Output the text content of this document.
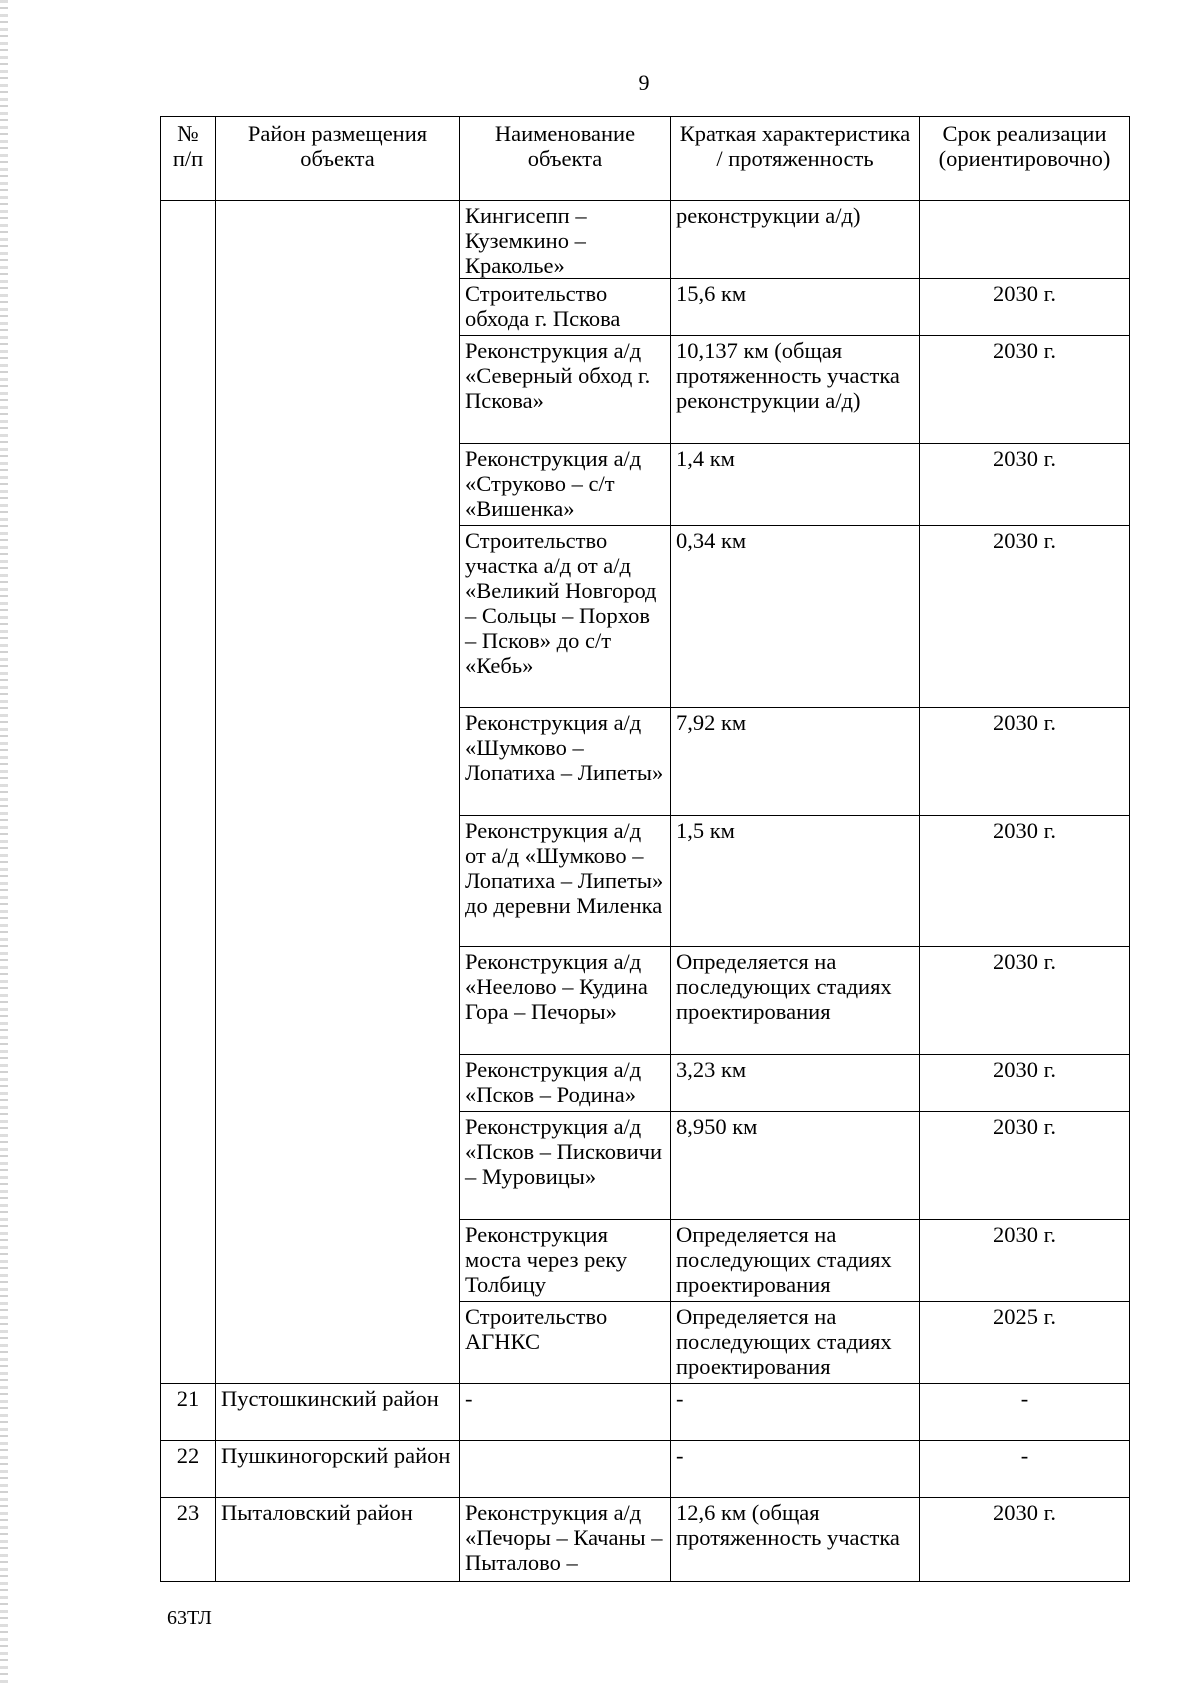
9
№ п/п	Район размещения объекта	Наименование объекта	Краткая характеристика / протяженность	Срок реализации (ориентировочно)
		Кингисепп – Куземкино – Краколье»	реконструкции а/д)	
		Строительство обхода г. Пскова	15,6 км	2030 г.
		Реконструкция а/д «Северный обход г. Пскова»	10,137 км (общая протяженность участка реконструкции а/д)	2030 г.
		Реконструкция а/д «Струково – с/т «Вишенка»	1,4 км	2030 г.
		Строительство участка а/д от а/д «Великий Новгород – Сольцы – Порхов – Псков» до с/т «Кебь»	0,34 км	2030 г.
		Реконструкция а/д «Шумково – Лопатиха – Липеты»	7,92 км	2030 г.
		Реконструкция а/д от а/д «Шумково – Лопатиха – Липеты» до деревни Миленка	1,5 км	2030 г.
		Реконструкция а/д «Неелово – Кудина Гора – Печоры»	Определяется на последующих стадиях проектирования	2030 г.
		Реконструкция а/д «Псков – Родина»	3,23 км	2030 г.
		Реконструкция а/д «Псков – Писковичи – Муровицы»	8,950 км	2030 г.
		Реконструкция моста через реку Толбицу	Определяется на последующих стадиях проектирования	2030 г.
		Строительство АГНКС	Определяется на последующих стадиях проектирования	2025 г.
21	Пустошкинский район	-	-	-
22	Пушкиногорский район		-	-
23	Пыталовский район	Реконструкция а/д «Печоры – Качаны – Пыталово –	12,6 км (общая протяженность участка	2030 г.
63ТЛ
